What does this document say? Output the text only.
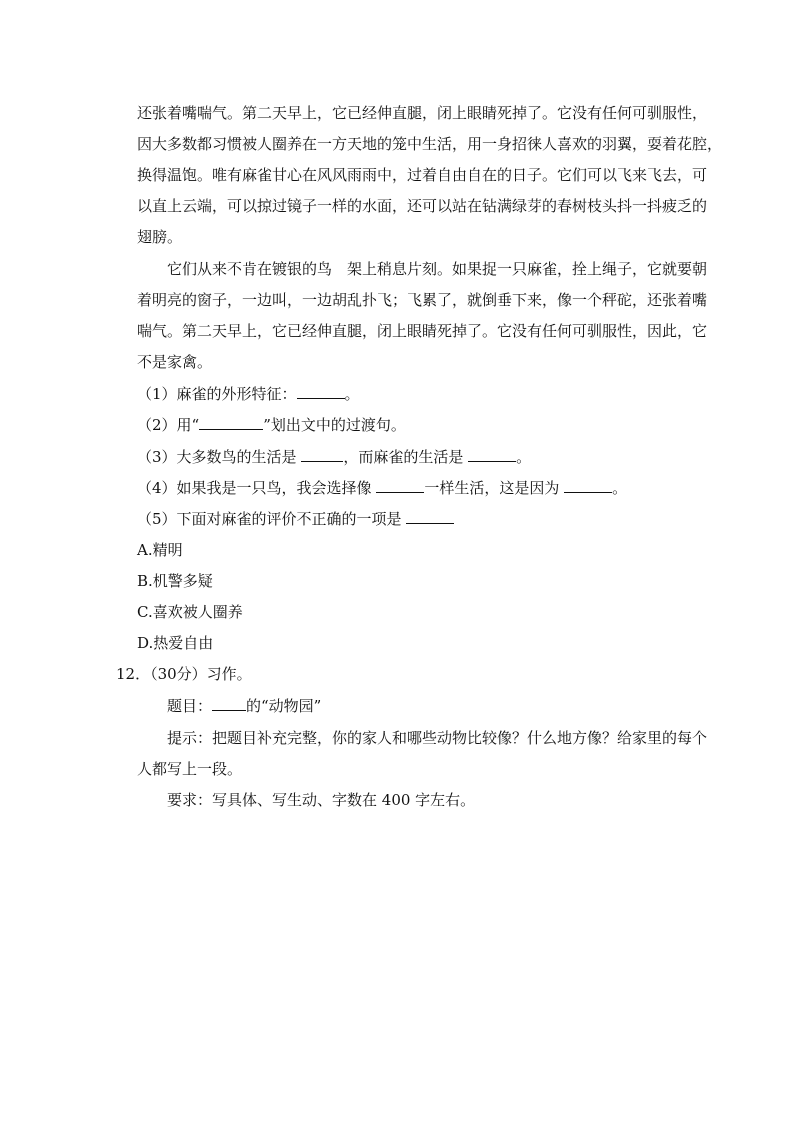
还张着嘴喘气。第二天早上，它已经伸直腿，闭上眼睛死掉了。它没有任何可驯服性，
因大多数都习惯被人圈养在一方天地的笼中生活，用一身招徕人喜欢的羽翼，耍着花腔，
换得温饱。唯有麻雀甘心在风风雨雨中，过着自由自在的日子。它们可以飞来飞去，可
以直上云端，可以掠过镜子一样的水面，还可以站在钻满绿芽的春树枝头抖一抖疲乏的
翅膀。
它们从来不肯在镀银的鸟　架上稍息片刻。如果捉一只麻雀，拴上绳子，它就要朝
着明亮的窗子，一边叫，一边胡乱扑飞；飞累了，就倒垂下来，像一个秤砣，还张着嘴
喘气。第二天早上，它已经伸直腿，闭上眼睛死掉了。它没有任何可驯服性，因此，它
不是家禽。
（1）麻雀的外形特征：	。
（2）用“	”划出文中的过渡句。
（3）大多数鸟的生活是	，而麻雀的生活是	。
（4）如果我是一只鸟，我会选择像	一样生活，这是因为	。
（5）下面对麻雀的评价不正确的一项是
A.精明
B.机警多疑
C.喜欢被人圈养
D.热爱自由
12．（30分）习作。
题目： 的“动物园”
提示：把题目补充完整，你的家人和哪些动物比较像？什么地方像？给家里的每个
人都写上一段。
要求：写具体、写生动、字数在 400 字左右。
